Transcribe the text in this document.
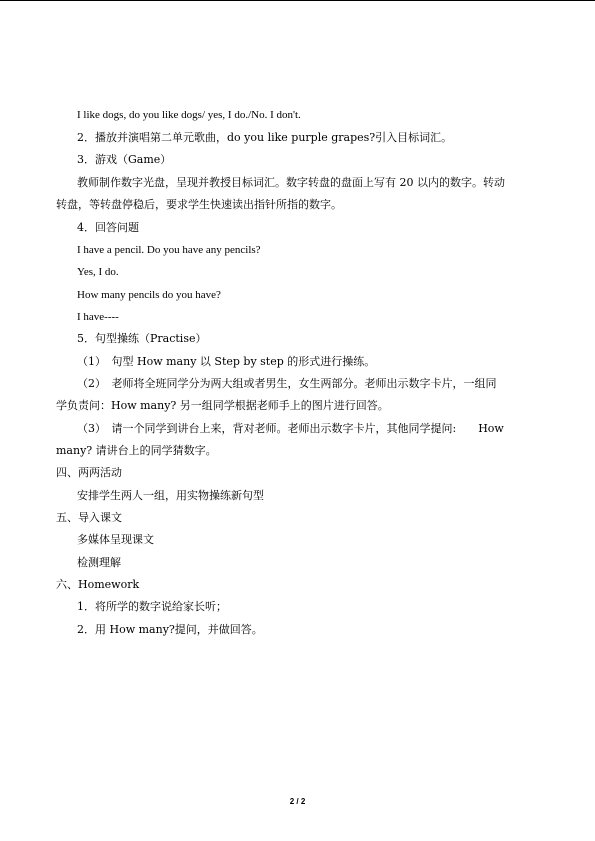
I like dogs, do you like dogs/ yes, I do./No. I don't.
2．播放并演唱第二单元歌曲，do you like purple grapes?引入目标词汇。
3．游戏（Game）
教师制作数字光盘，呈现并教授目标词汇。数字转盘的盘面上写有 20 以内的数字。转动
转盘，等转盘停稳后，要求学生快速读出指针所指的数字。
4．回答问题
I have a pencil. Do you have any pencils?
Yes, I do.
How many pencils do you have?
I have----
5．句型操练（Practise）
（1）　句型 How many 以 Step by step 的形式进行操练。
（2）　老师将全班同学分为两大组或者男生，女生两部分。老师出示数字卡片，一组同
学负责问：How many? 另一组同学根据老师手上的图片进行回答。
（3）　请一个同学到讲台上来，背对老师。老师出示数字卡片，其他同学提问:　　How
many? 请讲台上的同学猜数字。
四、两两活动
安排学生两人一组，用实物操练新句型
五、导入课文
多媒体呈现课文
检测理解
六、Homework
1．将所学的数字说给家长听；
2．用 How many?提问，并做回答。
2 / 2
